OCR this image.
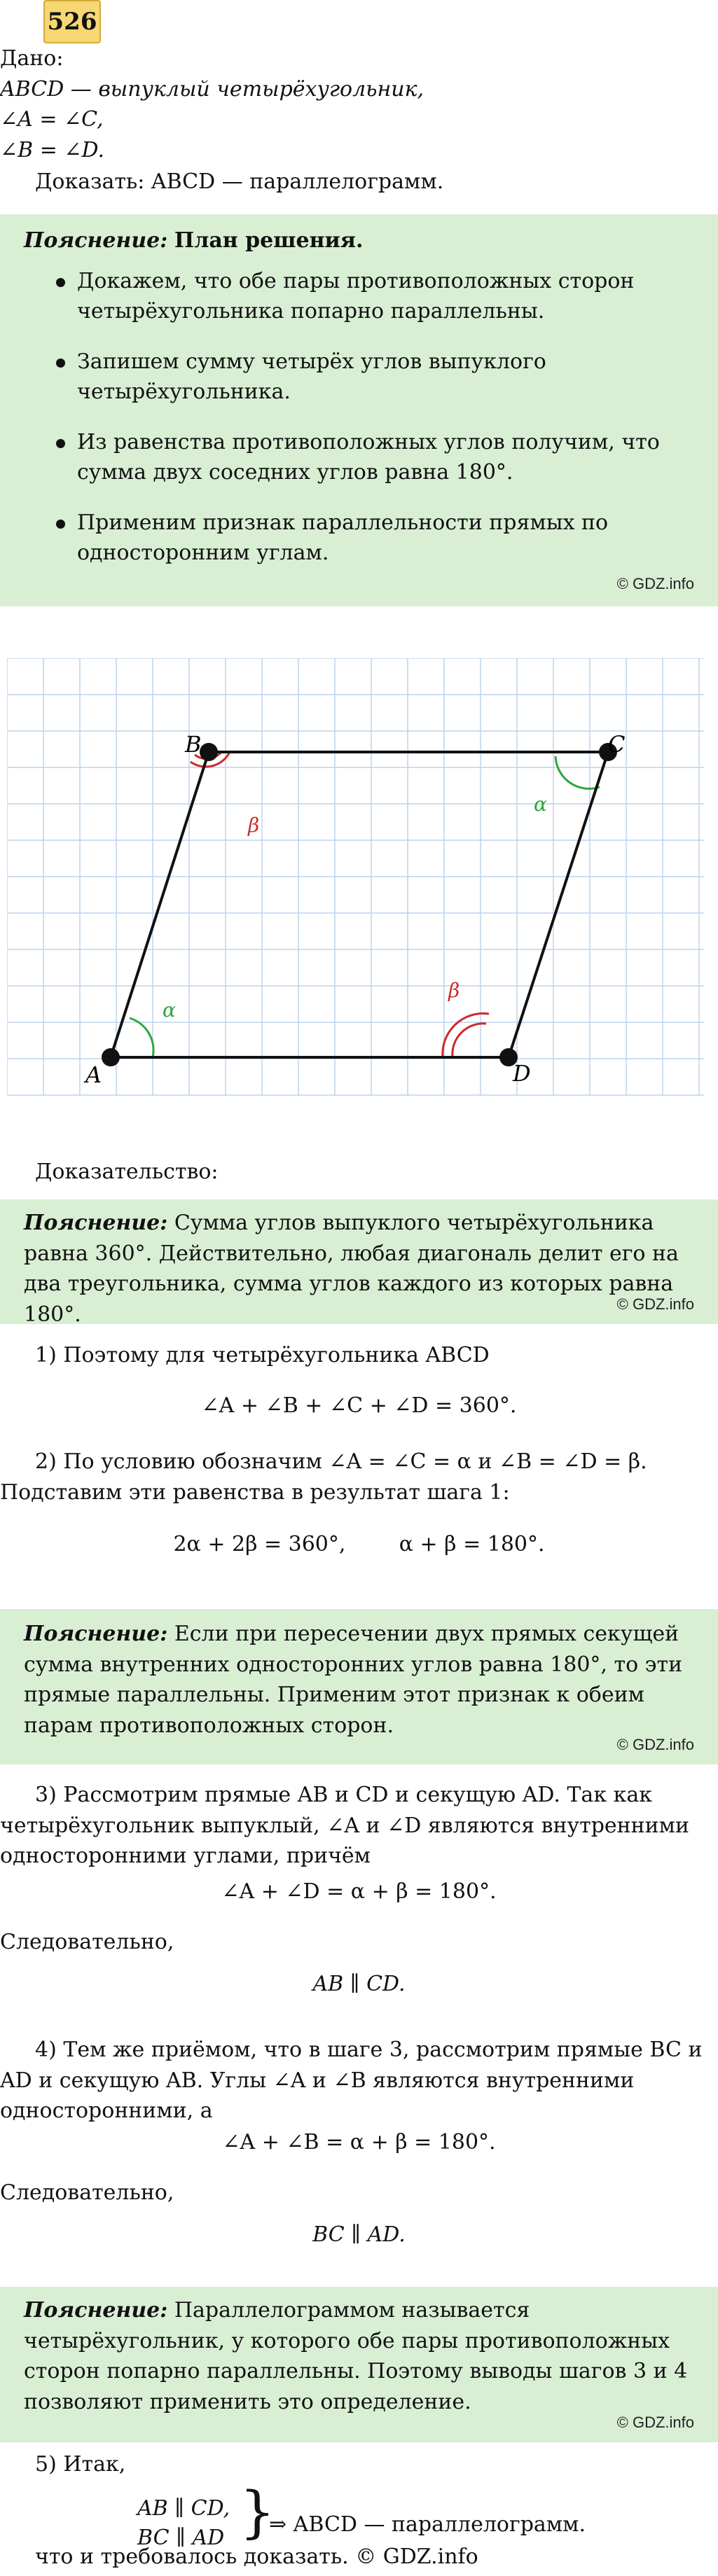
526
Дано:
ABCD — выпуклый четырёхугольник,
∠A = ∠C,
∠B = ∠D.
Доказать: ABCD — параллелограмм.
Пояснение: План решения.
Докажем, что обе пары противоположных сторон четырёхугольника попарно параллельны.
Запишем сумму четырёх углов выпуклого четырёхугольника.
Из равенства противоположных углов получим, что сумма двух соседних углов равна 180°.
Применим признак параллельности прямых по односторонним углам.
© GDZ.info
A
B	C
D
α
α
β
β
Доказательство:
Пояснение: Сумма углов выпуклого четырёхугольника равна 360°. Действительно, любая диагональ делит его на два треугольника, сумма углов каждого из которых равна 180°.	© GDZ.info
1) Поэтому для четырёхугольника ABCD
∠A + ∠B + ∠C + ∠D = 360°.
2) По условию обозначим ∠A = ∠C = α и ∠B = ∠D = β. Подставим эти равенства в результат шага 1:
2α + 2β = 360°,        α + β = 180°.
Пояснение: Если при пересечении двух прямых секущей сумма внутренних односторонних углов равна 180°, то эти прямые параллельны. Применим этот признак к обеим парам противоположных сторон.
© GDZ.info
3) Рассмотрим прямые AB и CD и секущую AD. Так как четырёхугольник выпуклый, ∠A и ∠D являются внутренними односторонними углами, причём
∠A + ∠D = α + β = 180°.
Следовательно,
AB ∥ CD.
4) Тем же приёмом, что в шаге 3, рассмотрим прямые BC и AD и секущую AB. Углы ∠A и ∠B являются внутренними односторонними, а
∠A + ∠B = α + β = 180°.
Следовательно,
BC ∥ AD.
Пояснение: Параллелограммом называется четырёхугольник, у которого обе пары противоположных сторон попарно параллельны. Поэтому выводы шагов 3 и 4 позволяют применить это определение.
© GDZ.info
5) Итак,
AB ∥ CD,
BC ∥ AD }
⇒ ABCD — параллелограмм.
что и требовалось доказать. © GDZ.info
